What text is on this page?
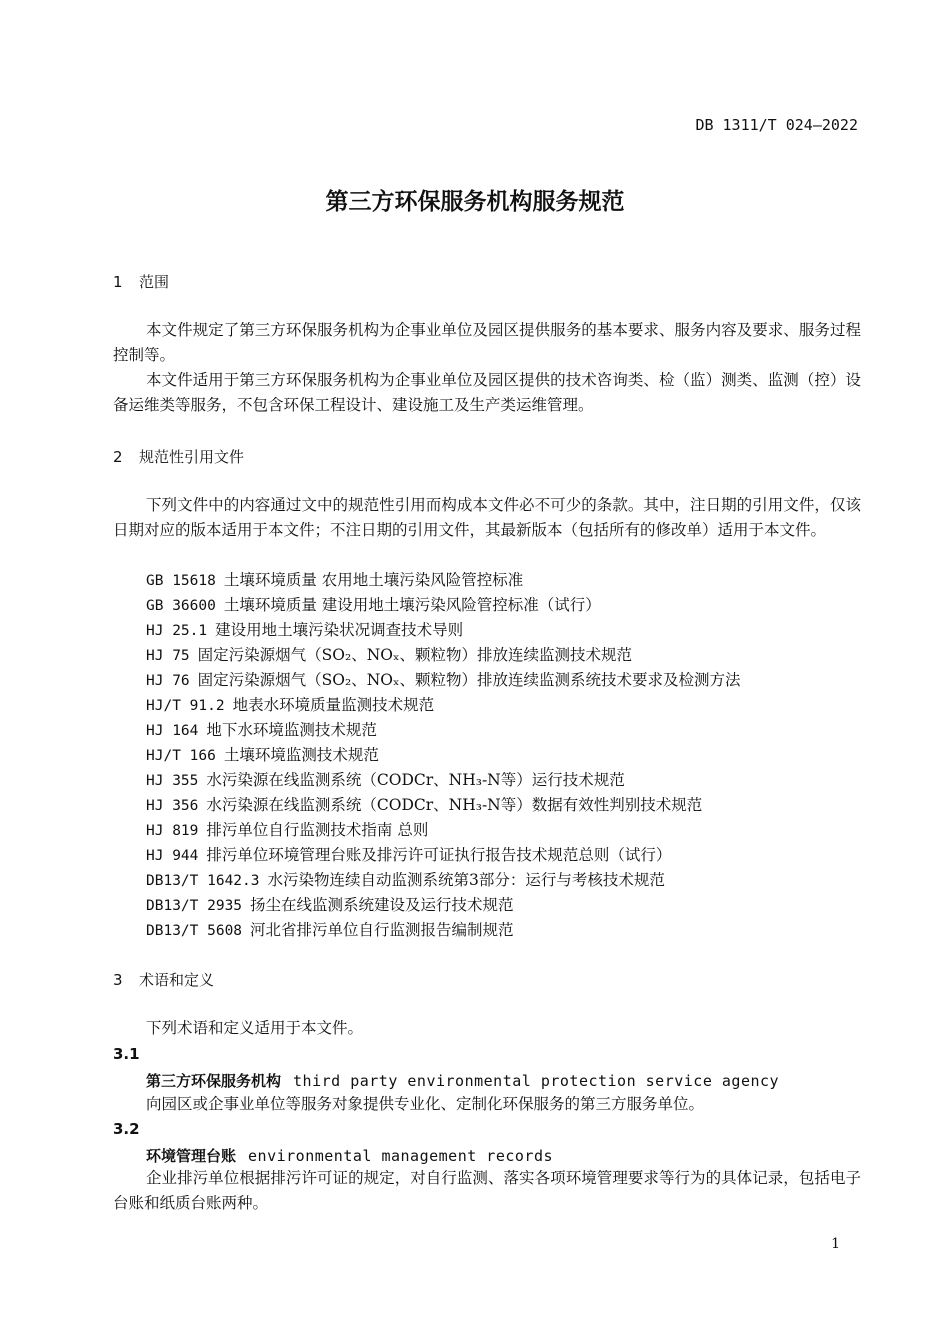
DB 1311/T 024—2022
第三方环保服务机构服务规范
1 范围

本文件规定了第三方环保服务机构为企事业单位及园区提供服务的基本要求、服务内容及要求、服务过程控制等。

本文件适用于第三方环保服务机构为企事业单位及园区提供的技术咨询类、检（监）测类、监测（控）设备运维类等服务，不包含环保工程设计、建设施工及生产类运维管理。

2 规范性引用文件

下列文件中的内容通过文中的规范性引用而构成本文件必不可少的条款。其中，注日期的引用文件，仅该日期对应的版本适用于本文件；不注日期的引用文件，其最新版本（包括所有的修改单）适用于本文件。

GB 15618 土壤环境质量 农用地土壤污染风险管控标准
GB 36600 土壤环境质量 建设用地土壤污染风险管控标准（试行）
HJ 25.1 建设用地土壤污染状况调查技术导则
HJ 75 固定污染源烟气（SO₂、NOₓ、颗粒物）排放连续监测技术规范
HJ 76 固定污染源烟气（SO₂、NOₓ、颗粒物）排放连续监测系统技术要求及检测方法
HJ/T 91.2 地表水环境质量监测技术规范
HJ 164 地下水环境监测技术规范
HJ/T 166 土壤环境监测技术规范
HJ 355 水污染源在线监测系统（CODCr、NH₃-N等）运行技术规范
HJ 356 水污染源在线监测系统（CODCr、NH₃-N等）数据有效性判别技术规范
HJ 819 排污单位自行监测技术指南 总则
HJ 944 排污单位环境管理台账及排污许可证执行报告技术规范总则（试行）
DB13/T 1642.3 水污染物连续自动监测系统第3部分：运行与考核技术规范
DB13/T 2935 扬尘在线监测系统建设及运行技术规范
DB13/T 5608 河北省排污单位自行监测报告编制规范
3 术语和定义

下列术语和定义适用于本文件。

3.1
第三方环保服务机构 third party environmental protection service agency

向园区或企事业单位等服务对象提供专业化、定制化环保服务的第三方服务单位。

3.2
环境管理台账 environmental management records

企业排污单位根据排污许可证的规定，对自行监测、落实各项环境管理要求等行为的具体记录，包括电子台账和纸质台账两种。

1
